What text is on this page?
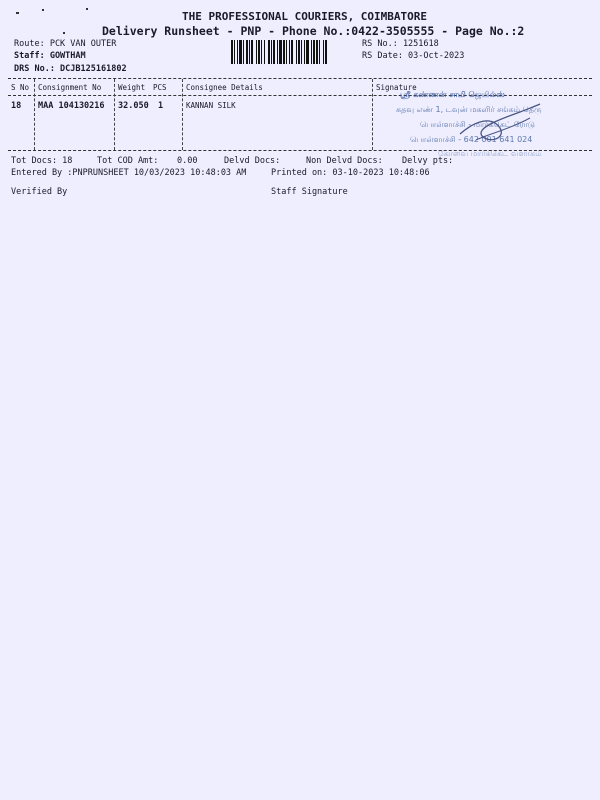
THE PROFESSIONAL COURIERS, COIMBATORE
Delivery Runsheet - PNP - Phone No.:0422-3505555 - Page No.:2
Route: PCK VAN OUTER
Staff: GOWTHAM
DRS No.: DCJB125161802
RS No.: 1251618
RS Date: 03-Oct-2023
S No Consignment No Weight PCS	Consignee Details	Signature
18 MAA 104130216 32.050 1	KANNAN SILK
ஸ்ரீ கண்ணன் சாமி ஜெயில்ஸ்
கதவு எண் 1, டவுன் மகளிர் சங்கம் தெரு
பொள்ளாச்சி - மார்க்கெட் ரோடு
பொள்ளாச்சி - 642 001 641 024
கோவை மார்க்கெட் வளாகம்
Tot Docs: 18	Tot COD Amt: 0.00	Delvd Docs:	Non Delvd Docs: Delvy pts:
Entered By :PNPRUNSHEET 10/03/2023 10:48:03 AM	Printed on: 03-10-2023 10:48:06
Verified By	Staff Signature
